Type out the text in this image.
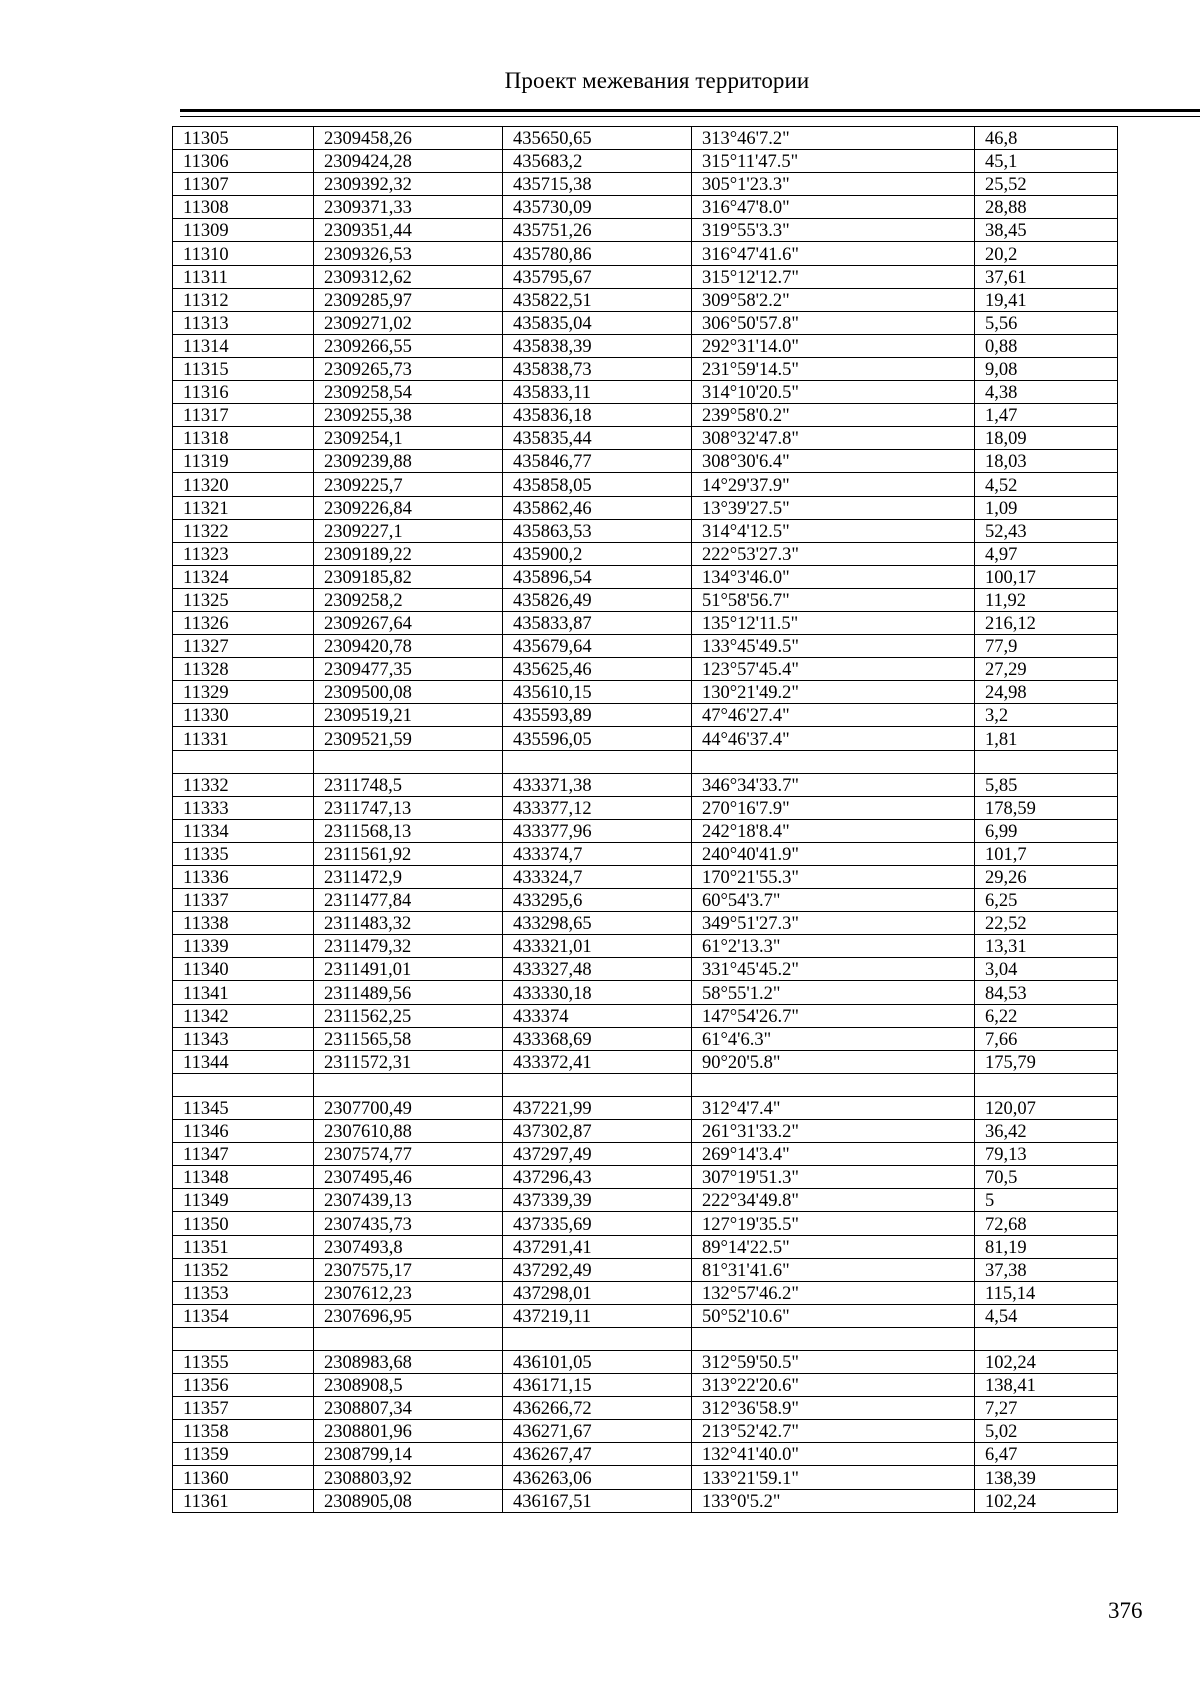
Проект межевания территории
11305	2309458,26	435650,65	313°46'7.2"	46,8
11306	2309424,28	435683,2	315°11'47.5"	45,1
11307	2309392,32	435715,38	305°1'23.3"	25,52
11308	2309371,33	435730,09	316°47'8.0"	28,88
11309	2309351,44	435751,26	319°55'3.3"	38,45
11310	2309326,53	435780,86	316°47'41.6"	20,2
11311	2309312,62	435795,67	315°12'12.7"	37,61
11312	2309285,97	435822,51	309°58'2.2"	19,41
11313	2309271,02	435835,04	306°50'57.8"	5,56
11314	2309266,55	435838,39	292°31'14.0"	0,88
11315	2309265,73	435838,73	231°59'14.5"	9,08
11316	2309258,54	435833,11	314°10'20.5"	4,38
11317	2309255,38	435836,18	239°58'0.2"	1,47
11318	2309254,1	435835,44	308°32'47.8"	18,09
11319	2309239,88	435846,77	308°30'6.4"	18,03
11320	2309225,7	435858,05	14°29'37.9"	4,52
11321	2309226,84	435862,46	13°39'27.5"	1,09
11322	2309227,1	435863,53	314°4'12.5"	52,43
11323	2309189,22	435900,2	222°53'27.3"	4,97
11324	2309185,82	435896,54	134°3'46.0"	100,17
11325	2309258,2	435826,49	51°58'56.7"	11,92
11326	2309267,64	435833,87	135°12'11.5"	216,12
11327	2309420,78	435679,64	133°45'49.5"	77,9
11328	2309477,35	435625,46	123°57'45.4"	27,29
11329	2309500,08	435610,15	130°21'49.2"	24,98
11330	2309519,21	435593,89	47°46'27.4"	3,2
11331	2309521,59	435596,05	44°46'37.4"	1,81

11332	2311748,5	433371,38	346°34'33.7"	5,85
11333	2311747,13	433377,12	270°16'7.9"	178,59
11334	2311568,13	433377,96	242°18'8.4"	6,99
11335	2311561,92	433374,7	240°40'41.9"	101,7
11336	2311472,9	433324,7	170°21'55.3"	29,26
11337	2311477,84	433295,6	60°54'3.7"	6,25
11338	2311483,32	433298,65	349°51'27.3"	22,52
11339	2311479,32	433321,01	61°2'13.3"	13,31
11340	2311491,01	433327,48	331°45'45.2"	3,04
11341	2311489,56	433330,18	58°55'1.2"	84,53
11342	2311562,25	433374	147°54'26.7"	6,22
11343	2311565,58	433368,69	61°4'6.3"	7,66
11344	2311572,31	433372,41	90°20'5.8"	175,79

11345	2307700,49	437221,99	312°4'7.4"	120,07
11346	2307610,88	437302,87	261°31'33.2"	36,42
11347	2307574,77	437297,49	269°14'3.4"	79,13
11348	2307495,46	437296,43	307°19'51.3"	70,5
11349	2307439,13	437339,39	222°34'49.8"	5
11350	2307435,73	437335,69	127°19'35.5"	72,68
11351	2307493,8	437291,41	89°14'22.5"	81,19
11352	2307575,17	437292,49	81°31'41.6"	37,38
11353	2307612,23	437298,01	132°57'46.2"	115,14
11354	2307696,95	437219,11	50°52'10.6"	4,54

11355	2308983,68	436101,05	312°59'50.5"	102,24
11356	2308908,5	436171,15	313°22'20.6"	138,41
11357	2308807,34	436266,72	312°36'58.9"	7,27
11358	2308801,96	436271,67	213°52'42.7"	5,02
11359	2308799,14	436267,47	132°41'40.0"	6,47
11360	2308803,92	436263,06	133°21'59.1"	138,39
11361	2308905,08	436167,51	133°0'5.2"	102,24
376
